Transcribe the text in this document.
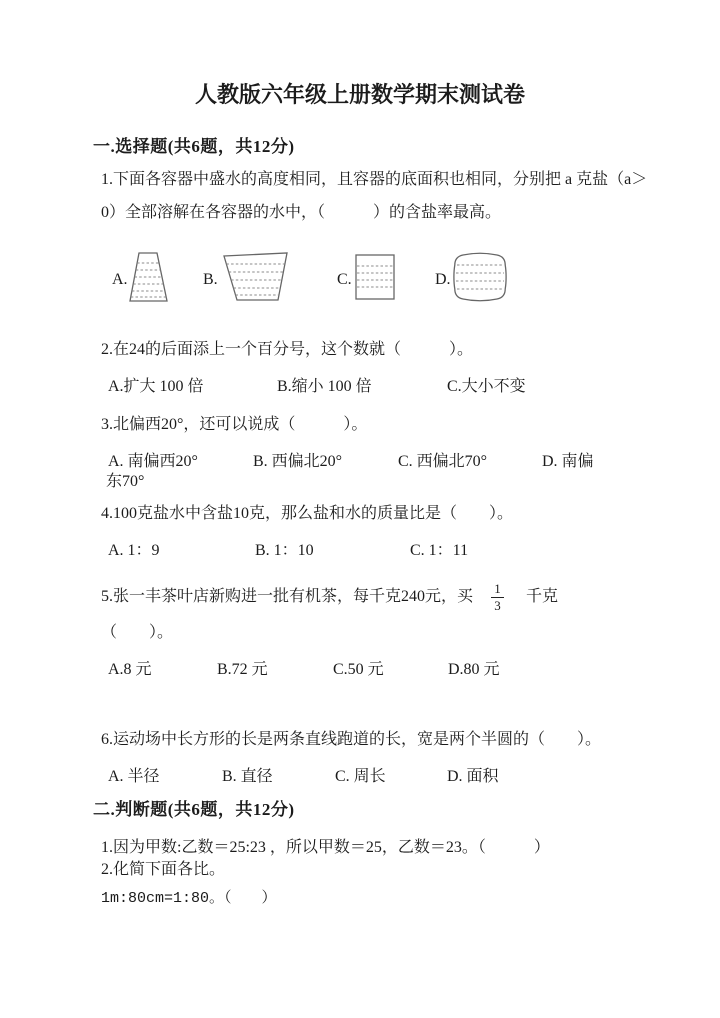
人教版六年级上册数学期末测试卷
一.选择题(共6题，共12分)
1.下面各容器中盛水的高度相同，且容器的底面积也相同，分别把 a 克盐（a＞
0）全部溶解在各容器的水中，（　　　）的含盐率最高。
A.	B.	C.	D.
2.在24的后面添上一个百分号，这个数就（　　　）。
A.扩大 100 倍	B.缩小 100 倍	C.大小不变
3.北偏西20°，还可以说成（　　　）。
A. 南偏西20°	B. 西偏北20°	C. 西偏北70°	D. 南偏
东70°
4.100克盐水中含盐10克，那么盐和水的质量比是（　　）。
A. 1：9	B. 1：10	C. 1：11
5.张一丰茶叶店新购进一批有机茶，每千克240元，买 $\frac{1}{3}$ 千克
（　　）。
A.8 元	B.72 元	C.50 元	D.80 元
6.运动场中长方形的长是两条直线跑道的长，宽是两个半圆的（　　）。
A. 半径	B. 直径	C. 周长	D. 面积
二.判断题(共6题，共12分)
1.因为甲数:乙数＝25:23 ，所以甲数＝25，乙数＝23。（　　　）
2.化简下面各比。
1m:80cm=1:80。（　　）
